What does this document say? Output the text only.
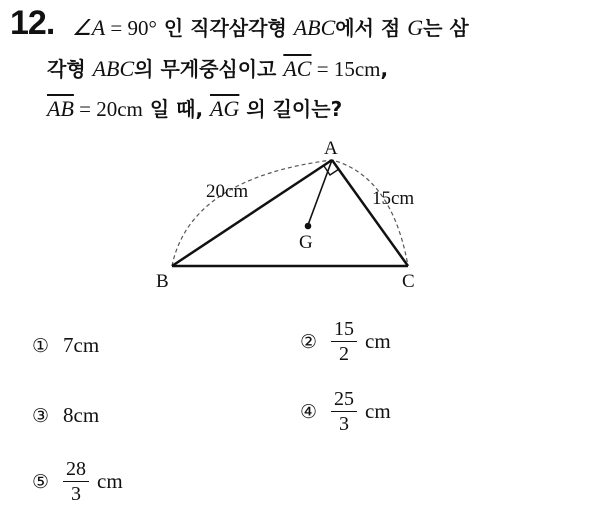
12. ∠A = 90° 인 직각삼각형 ABC에서 점 G는 삼
각형 ABC의 무게중심이고 $\overline{AC} = 15cm$,
$\overline{AB} = 20cm$ 일 때, $\overline{AG}$ 의 길이는?
A
B	C
G
20cm	15cm
① 7cm	② $\frac{15}{2}$ cm
③ 8cm	④ $\frac{25}{3}$ cm
⑤ $\frac{28}{3}$ cm
